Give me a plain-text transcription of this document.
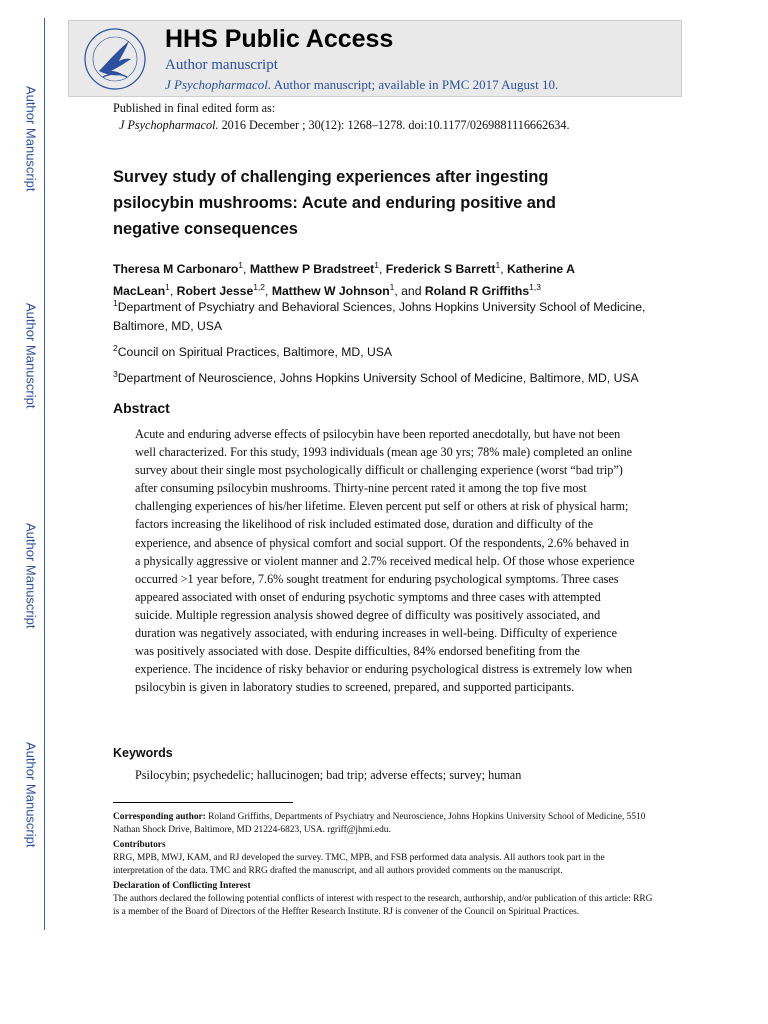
Author Manuscript
Author Manuscript
Author Manuscript
Author Manuscript
HHS Public Access
Author manuscript
J Psychopharmacol. Author manuscript; available in PMC 2017 August 10.
Published in final edited form as:
J Psychopharmacol. 2016 December ; 30(12): 1268–1278. doi:10.1177/0269881116662634.
Survey study of challenging experiences after ingesting psilocybin mushrooms: Acute and enduring positive and negative consequences
Theresa M Carbonaro$^1$, Matthew P Bradstreet$^1$, Frederick S Barrett$^1$, Katherine A MacLean$^1$, Robert Jesse$^{1,2}$, Matthew W Johnson$^1$, and Roland R Griffiths$^{1,3}$
$^1$Department of Psychiatry and Behavioral Sciences, Johns Hopkins University School of Medicine, Baltimore, MD, USA
$^2$Council on Spiritual Practices, Baltimore, MD, USA
$^3$Department of Neuroscience, Johns Hopkins University School of Medicine, Baltimore, MD, USA
Abstract

Acute and enduring adverse effects of psilocybin have been reported anecdotally, but have not been well characterized. For this study, 1993 individuals (mean age 30 yrs; 78% male) completed an online survey about their single most psychologically difficult or challenging experience (worst “bad trip”) after consuming psilocybin mushrooms. Thirty-nine percent rated it among the top five most challenging experiences of his/her lifetime. Eleven percent put self or others at risk of physical harm; factors increasing the likelihood of risk included estimated dose, duration and difficulty of the experience, and absence of physical comfort and social support. Of the respondents, 2.6% behaved in a physically aggressive or violent manner and 2.7% received medical help. Of those whose experience occurred >1 year before, 7.6% sought treatment for enduring psychological symptoms. Three cases appeared associated with onset of enduring psychotic symptoms and three cases with attempted suicide. Multiple regression analysis showed degree of difficulty was positively associated, and duration was negatively associated, with enduring increases in well-being. Difficulty of experience was positively associated with dose. Despite difficulties, 84% endorsed benefiting from the experience. The incidence of risky behavior or enduring psychological distress is extremely low when psilocybin is given in laboratory studies to screened, prepared, and supported participants.

Keywords
Psilocybin; psychedelic; hallucinogen; bad trip; adverse effects; survey; human

Corresponding author: Roland Griffiths, Departments of Psychiatry and Neuroscience, Johns Hopkins University School of Medicine, 5510 Nathan Shock Drive, Baltimore, MD 21224-6823, USA. rgriff@jhmi.edu.

Contributors

RRG, MPB, MWJ, KAM, and RJ developed the survey. TMC, MPB, and FSB performed data analysis. All authors took part in the interpretation of the data. TMC and RRG drafted the manuscript, and all authors provided comments on the manuscript.

Declaration of Conflicting Interest

The authors declared the following potential conflicts of interest with respect to the research, authorship, and/or publication of this article: RRG is a member of the Board of Directors of the Heffter Research Institute. RJ is convener of the Council on Spiritual Practices.
